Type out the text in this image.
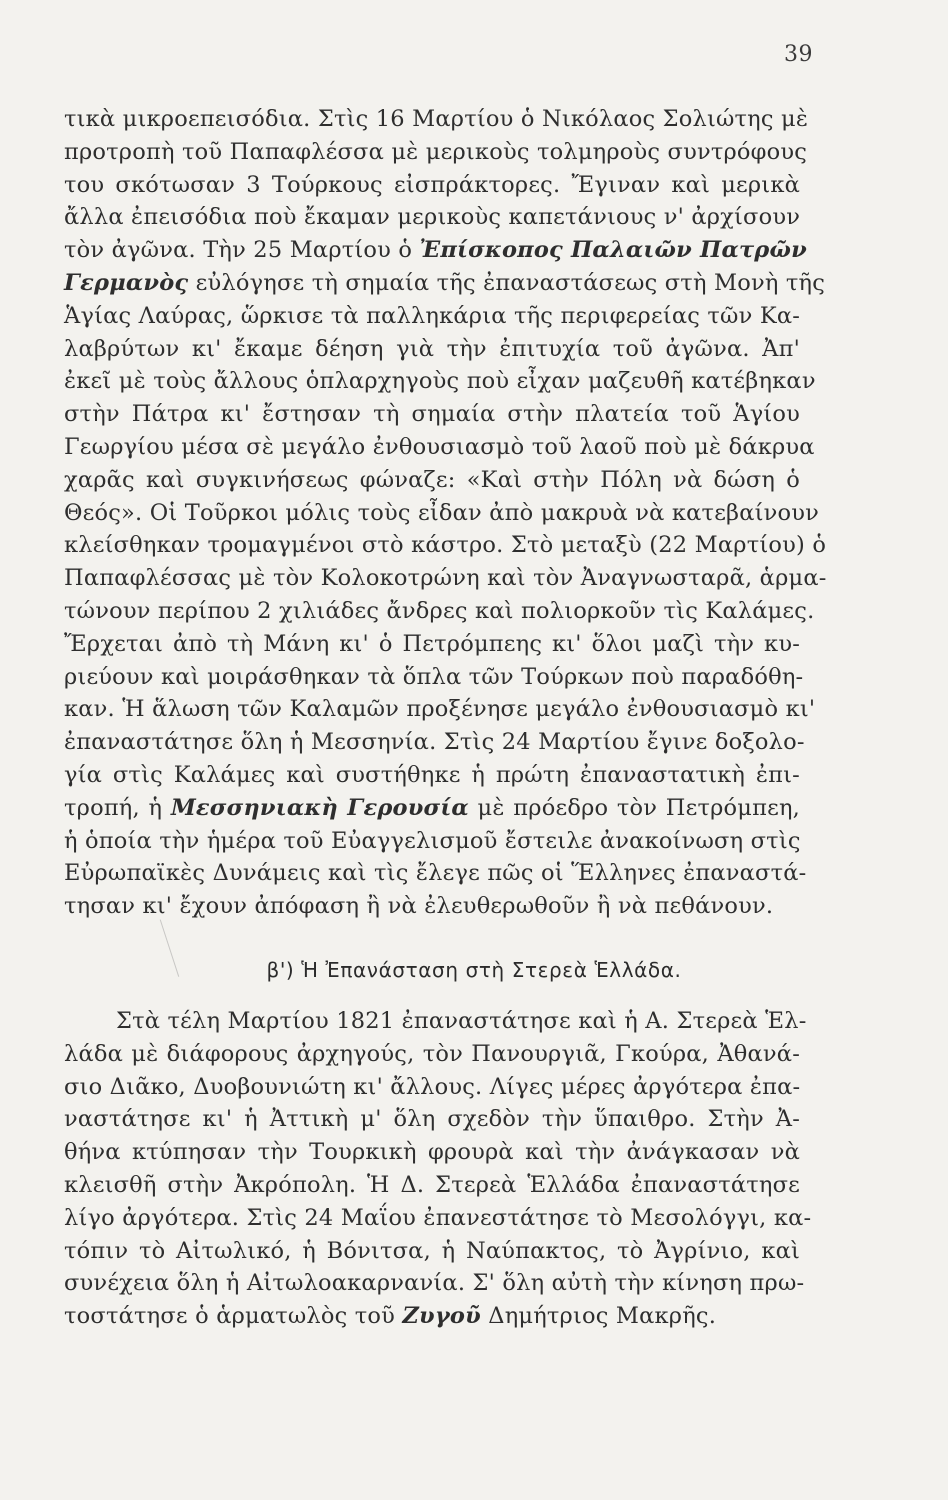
39
τικὰ μικροεπεισόδια. Στὶς 16 Μαρτίου ὁ Νικόλαος Σολιώτης μὲ
προτροπὴ τοῦ Παπαφλέσσα μὲ μερικοὺς τολμηροὺς συντρόφους
του σκότωσαν 3 Τούρκους εἰσπράκτορες. Ἔγιναν καὶ μερικὰ
ἄλλα ἐπεισόδια ποὺ ἔκαμαν μερικοὺς καπετάνιους ν' ἀρχίσουν
τὸν ἀγῶνα. Τὴν 25 Μαρτίου ὁ Ἐπίσκοπος Παλαιῶν Πατρῶν
Γερμανὸς εὐλόγησε τὴ σημαία τῆς ἐπαναστάσεως στὴ Μονὴ τῆς
Ἁγίας Λαύρας, ὥρκισε τὰ παλληκάρια τῆς περιφερείας τῶν Κα-
λαβρύτων κι' ἔκαμε δέηση γιὰ τὴν ἐπιτυχία τοῦ ἀγῶνα. Ἀπ'
ἐκεῖ μὲ τοὺς ἄλλους ὁπλαρχηγοὺς ποὺ εἶχαν μαζευθῆ κατέβηκαν
στὴν Πάτρα κι' ἔστησαν τὴ σημαία στὴν πλατεία τοῦ Ἁγίου
Γεωργίου μέσα σὲ μεγάλο ἐνθουσιασμὸ τοῦ λαοῦ ποὺ μὲ δάκρυα
χαρᾶς καὶ συγκινήσεως φώναζε: «Καὶ στὴν Πόλη νὰ δώση ὁ
Θεός». Οἱ Τοῦρκοι μόλις τοὺς εἶδαν ἀπὸ μακρυὰ νὰ κατεβαίνουν
κλείσθηκαν τρομαγμένοι στὸ κάστρο. Στὸ μεταξὺ (22 Μαρτίου) ὁ
Παπαφλέσσας μὲ τὸν Κολοκοτρώνη καὶ τὸν Ἀναγνωσταρᾶ, ἁρμα-
τώνουν περίπου 2 χιλιάδες ἄνδρες καὶ πολιορκοῦν τὶς Καλάμες.
Ἔρχεται ἀπὸ τὴ Μάνη κι' ὁ Πετρόμπεης κι' ὅλοι μαζὶ τὴν κυ-
ριεύουν καὶ μοιράσθηκαν τὰ ὅπλα τῶν Τούρκων ποὺ παραδόθη-
καν. Ἡ ἅλωση τῶν Καλαμῶν προξένησε μεγάλο ἐνθουσιασμὸ κι'
ἐπαναστάτησε ὅλη ἡ Μεσσηνία. Στὶς 24 Μαρτίου ἔγινε δοξολο-
γία στὶς Καλάμες καὶ συστήθηκε ἡ πρώτη ἐπαναστατικὴ ἐπι-
τροπή, ἡ Μεσσηνιακὴ Γερουσία μὲ πρόεδρο τὸν Πετρόμπεη,
ἡ ὁποία τὴν ἡμέρα τοῦ Εὐαγγελισμοῦ ἔστειλε ἀνακοίνωση στὶς
Εὐρωπαϊκὲς Δυνάμεις καὶ τὶς ἔλεγε πῶς οἱ Ἕλληνες ἐπαναστά-
τησαν κι' ἔχουν ἀπόφαση ἢ νὰ ἐλευθερωθοῦν ἢ νὰ πεθάνουν.
β') Ἡ Ἐπανάσταση στὴ Στερεὰ Ἑλλάδα.
Στὰ τέλη Μαρτίου 1821 ἐπαναστάτησε καὶ ἡ Α. Στερεὰ Ἑλ-
λάδα μὲ διάφορους ἀρχηγούς, τὸν Πανουργιᾶ, Γκούρα, Ἀθανά-
σιο Διᾶκο, Δυοβουνιώτη κι' ἄλλους. Λίγες μέρες ἀργότερα ἐπα-
ναστάτησε κι' ἡ Ἀττικὴ μ' ὅλη σχεδὸν τὴν ὕπαιθρο. Στὴν Ἀ-
θήνα κτύπησαν τὴν Τουρκικὴ φρουρὰ καὶ τὴν ἀνάγκασαν νὰ
κλεισθῆ στὴν Ἀκρόπολη. Ἡ Δ. Στερεὰ Ἑλλάδα ἐπαναστάτησε
λίγο ἀργότερα. Στὶς 24 Μαΐου ἐπανεστάτησε τὸ Μεσολόγγι, κα-
τόπιν τὸ Αἰτωλικό, ἡ Βόνιτσα, ἡ Ναύπακτος, τὸ Ἀγρίνιο, καὶ
συνέχεια ὅλη ἡ Αἰτωλοακαρνανία. Σ' ὅλη αὐτὴ τὴν κίνηση πρω-
τοστάτησε ὁ ἁρματωλὸς τοῦ Ζυγοῦ Δημήτριος Μακρῆς.
